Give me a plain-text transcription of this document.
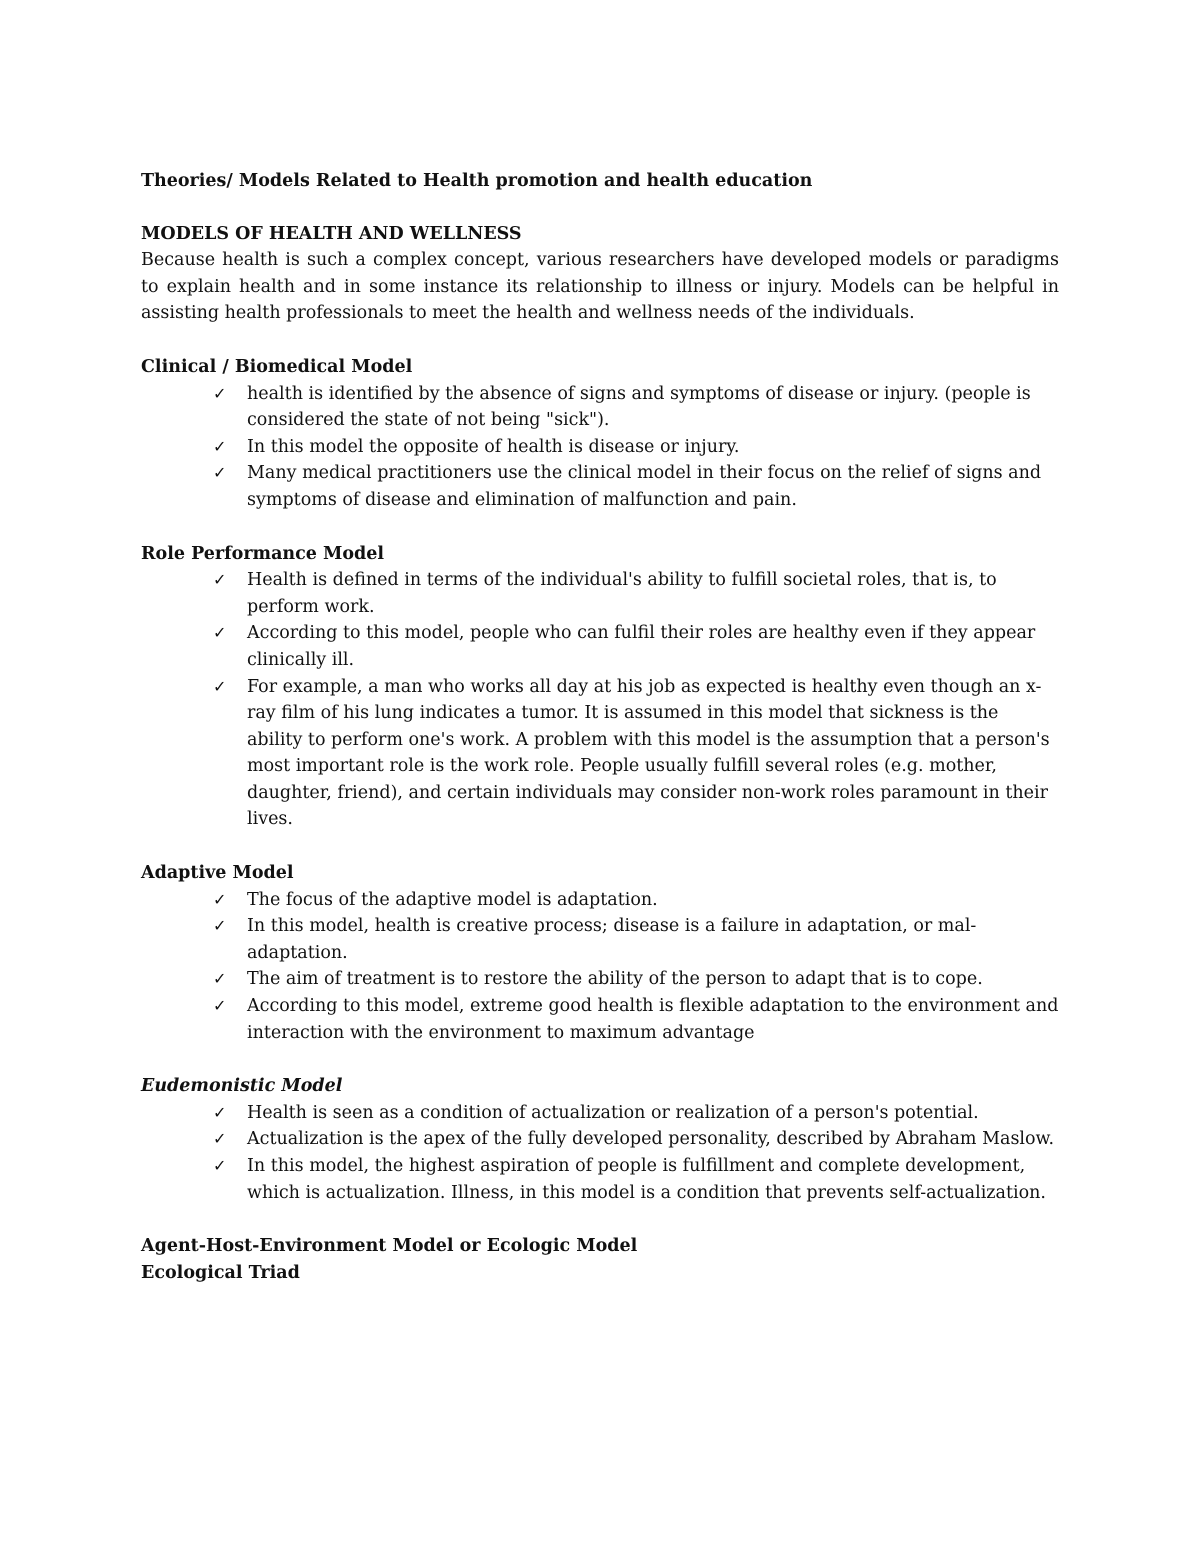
Theories/ Models Related to Health promotion and health education

MODELS OF HEALTH AND WELLNESS

Because health is such a complex concept, various researchers have developed models or paradigms to explain health and in some instance its relationship to illness or injury. Models can be helpful in assisting health professionals to meet the health and wellness needs of the individuals.

Clinical / Biomedical Model

✓ health is identified by the absence of signs and symptoms of disease or injury. (people is considered the state of not being "sick").
✓ In this model the opposite of health is disease or injury.
✓ Many medical practitioners use the clinical model in their focus on the relief of signs and symptoms of disease and elimination of malfunction and pain.

Role Performance Model

✓ Health is defined in terms of the individual's ability to fulfill societal roles, that is, to perform work.
✓ According to this model, people who can fulfil their roles are healthy even if they appear clinically ill.
✓ For example, a man who works all day at his job as expected is healthy even though an x-ray film of his lung indicates a tumor. It is assumed in this model that sickness is the ability to perform one's work. A problem with this model is the assumption that a person's most important role is the work role. People usually fulfill several roles (e.g. mother, daughter, friend), and certain individuals may consider non-work roles paramount in their lives.

Adaptive Model

✓ The focus of the adaptive model is adaptation.
✓ In this model, health is creative process; disease is a failure in adaptation, or mal-adaptation.
✓ The aim of treatment is to restore the ability of the person to adapt that is to cope.
✓ According to this model, extreme good health is flexible adaptation to the environment and interaction with the environment to maximum advantage

Eudemonistic Model

✓ Health is seen as a condition of actualization or realization of a person's potential.
✓ Actualization is the apex of the fully developed personality, described by Abraham Maslow.
✓ In this model, the highest aspiration of people is fulfillment and complete development, which is actualization. Illness, in this model is a condition that prevents self-actualization.

Agent-Host-Environment Model or Ecologic Model

Ecological Triad
